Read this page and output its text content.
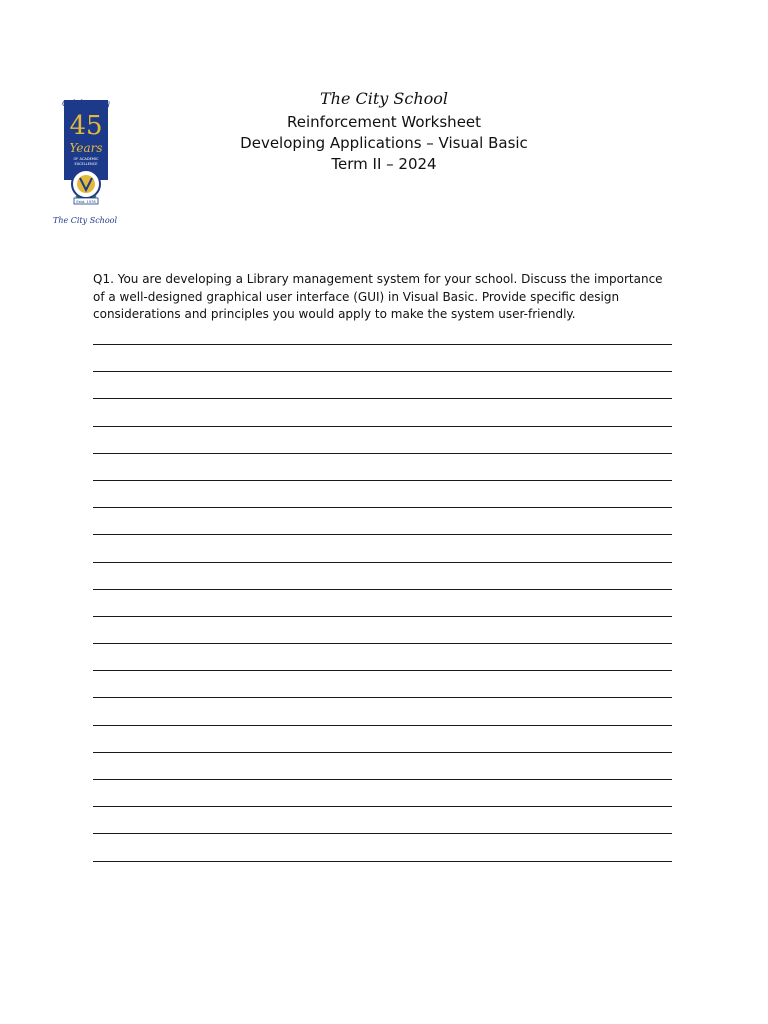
Celebrating
45
Years
OF ACADEMIC
EXCELLENCE
Estd. 1978
The City School

The City School

Reinforcement Worksheet

Developing Applications – Visual Basic

Term II – 2024

Q1. You are developing a Library management system for your school. Discuss the importance of a well-designed graphical user interface (GUI) in Visual Basic. Provide specific design considerations and principles you would apply to make the system user-friendly.
